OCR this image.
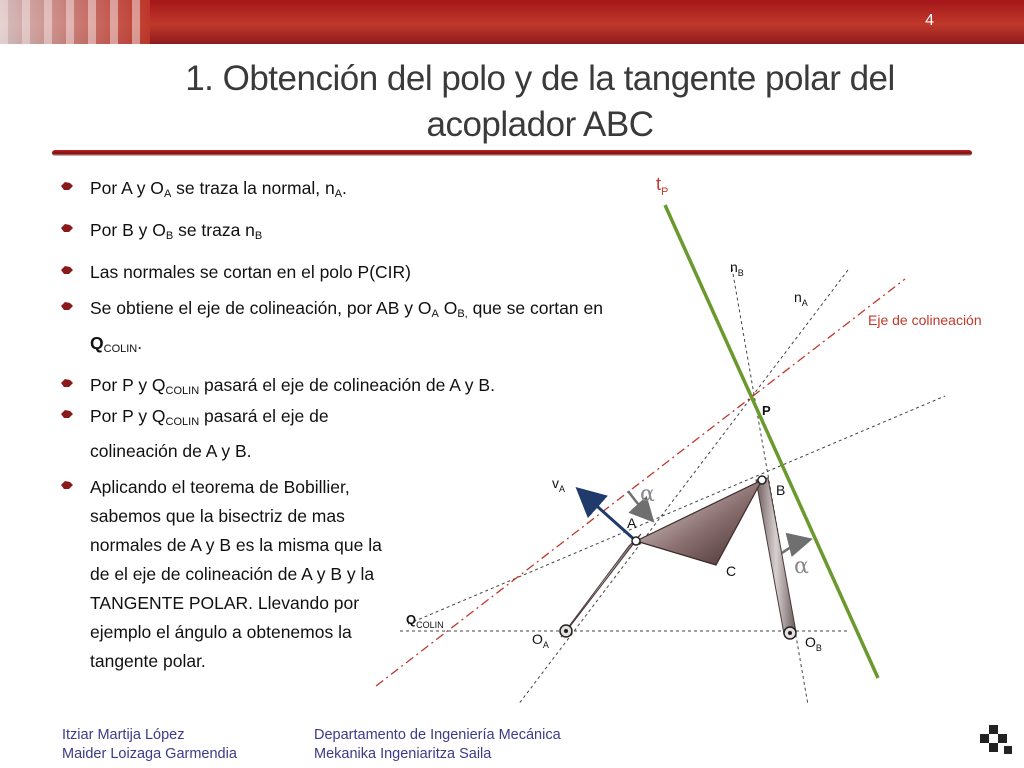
4
1. Obtención del polo y de la tangente polar del
acoplador ABC
Por A y $O_A$ se traza la normal, $n_A$.
Por B y $O_B$ se traza $n_B$
Las normales se cortan en el polo P(CIR)
Se obtiene el eje de colineación, por AB y $O_A$ $O_{B,}$ que se cortan en $Q_{COLIN}$.
Por P y $Q_{COLIN}$ pasará el eje de colineación de A y B.
Por P y $Q_{COLIN}$ pasará el eje de colineación de A y B.
Aplicando el teorema de Bobillier, sabemos que la bisectriz de mas normales de A y B es la misma que la de el eje de colineación de A y B y la TANGENTE POLAR. Llevando por ejemplo el ángulo a obtenemos la tangente polar.
$t_P$
$n_B$
$n_A$
Eje de colineación
P
B
A
C
$v_A$	α
α
$Q_{COLIN}$
$O_A$	$O_B$
Itziar Martija López
Maider Loizaga Garmendia
Departamento de Ingeniería Mecánica
Mekanika Ingeniaritza Saila
